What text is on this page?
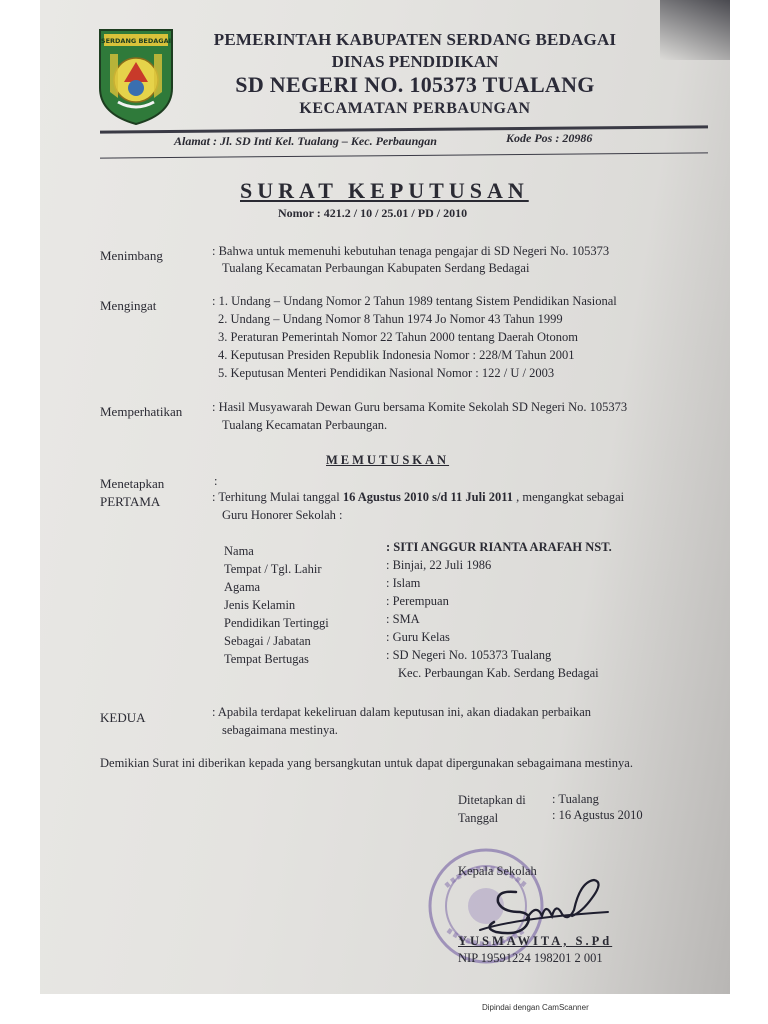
SERDANG BEDAGAI	PEMERINTAH KABUPATEN SERDANG BEDAGAI
DINAS PENDIDIKAN
SD NEGERI NO. 105373 TUALANG
KECAMATAN PERBAUNGAN
Alamat : Jl. SD Inti Kel. Tualang – Kec. Perbaungan	Kode Pos : 20986
SURAT KEPUTUSAN
Nomor : 421.2 / 10 / 25.01 / PD / 2010
Menimbang	: Bahwa untuk memenuhi kebutuhan tenaga pengajar di SD Negeri No. 105373
Tualang Kecamatan Perbaungan Kabupaten Serdang Bedagai
Mengingat	: 1. Undang – Undang Nomor 2 Tahun 1989 tentang Sistem Pendidikan Nasional
2. Undang – Undang Nomor 8 Tahun 1974 Jo Nomor 43 Tahun 1999
3. Peraturan Pemerintah Nomor 22 Tahun 2000 tentang Daerah Otonom
4. Keputusan Presiden Republik Indonesia Nomor : 228/M Tahun 2001
5. Keputusan Menteri Pendidikan Nasional Nomor : 122 / U / 2003
Memperhatikan : Hasil Musyawarah Dewan Guru bersama Komite Sekolah SD Negeri No. 105373
Tualang Kecamatan Perbaungan.
MEMUTUSKAN
Menetapkan	:
PERTAMA	: Terhitung Mulai tanggal 16 Agustus 2010 s/d 11 Juli 2011 , mengangkat sebagai
Guru Honorer Sekolah :
Nama	: SITI ANGGUR RIANTA ARAFAH NST.
Tempat / Tgl. Lahir	: Binjai, 22 Juli 1986
Agama	: Islam
Jenis Kelamin	: Perempuan
Pendidikan Tertinggi	: SMA
Sebagai / Jabatan	: Guru Kelas
Tempat Bertugas	: SD Negeri No. 105373 Tualang
Kec. Perbaungan Kab. Serdang Bedagai
KEDUA	: Apabila terdapat kekeliruan dalam keputusan ini, akan diadakan perbaikan
sebagaimana mestinya.
Demikian Surat ini diberikan kepada yang bersangkutan untuk dapat dipergunakan sebagaimana mestinya.
Ditetapkan di : Tualang
Tanggal	: 16 Agustus 2010
Kepala Sekolah
YUSMAWITA, S.Pd
NIP 19591224 198201 2 001
Dipindai dengan CamScanner
